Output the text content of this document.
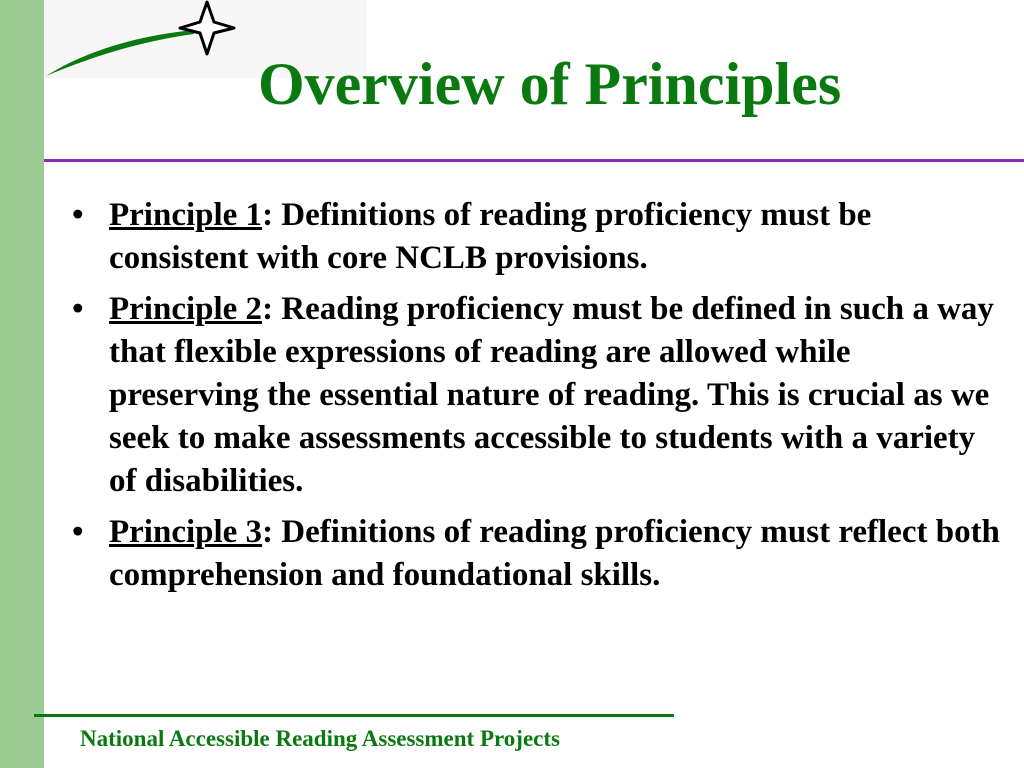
Overview of Principles
• Principle 1: Definitions of reading proficiency must be consistent with core NCLB provisions.
• Principle 2: Reading proficiency must be defined in such a way that flexible expressions of reading are allowed while preserving the essential nature of reading. This is crucial as we seek to make assessments accessible to students with a variety of disabilities.
• Principle 3: Definitions of reading proficiency must reflect both comprehension and foundational skills.
National Accessible Reading Assessment Projects
